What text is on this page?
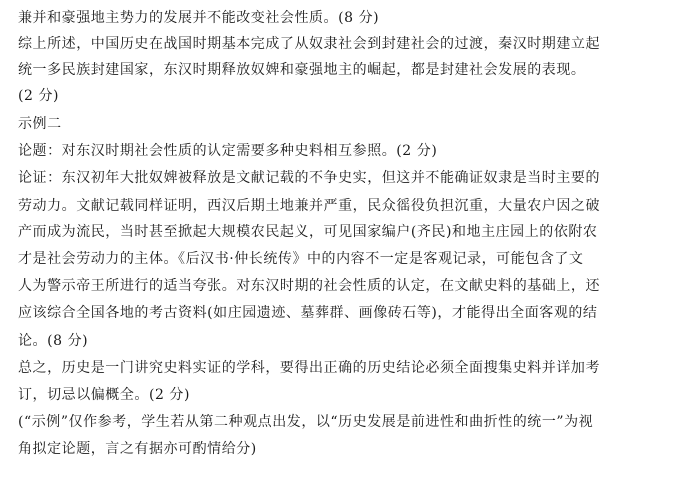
兼并和豪强地主势力的发展并不能改变社会性质。(8 分)
综上所述，中国历史在战国时期基本完成了从奴隶社会到封建社会的过渡，秦汉时期建立起
统一多民族封建国家，东汉时期释放奴婢和豪强地主的崛起，都是封建社会发展的表现。
(2 分)
示例二
论题：对东汉时期社会性质的认定需要多种史料相互参照。(2 分)
论证：东汉初年大批奴婢被释放是文献记载的不争史实，但这并不能确证奴隶是当时主要的
劳动力。文献记载同样证明，西汉后期土地兼并严重，民众徭役负担沉重，大量农户因之破
产而成为流民，当时甚至掀起大规模农民起义，可见国家编户(齐民)和地主庄园上的依附农
才是社会劳动力的主体。《后汉书·仲长统传》中的内容不一定是客观记录，可能包含了文
人为警示帝王所进行的适当夸张。对东汉时期的社会性质的认定，在文献史料的基础上，还
应该综合全国各地的考古资料(如庄园遗迹、墓葬群、画像砖石等)，才能得出全面客观的结
论。(8 分)
总之，历史是一门讲究史料实证的学科，要得出正确的历史结论必须全面搜集史料并详加考
订，切忌以偏概全。(2 分)
(“示例”仅作参考，学生若从第二种观点出发，以“历史发展是前进性和曲折性的统一”为视
角拟定论题，言之有据亦可酌情给分)
